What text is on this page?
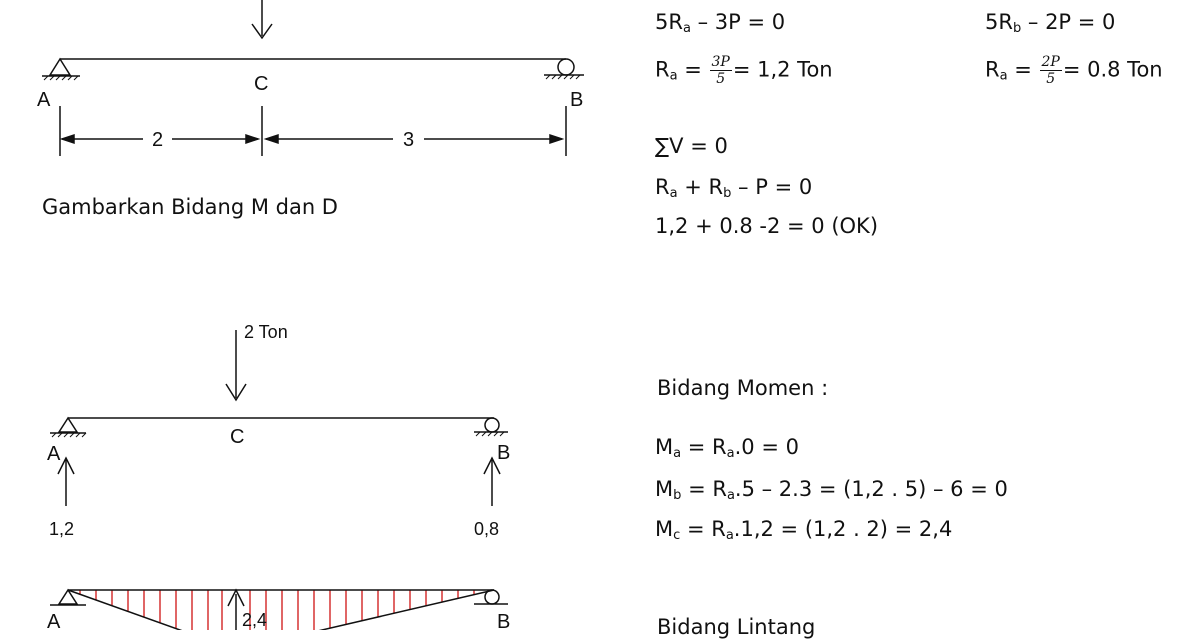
A
C
B
2	3
2 Ton
A
C
B
1,2	0,8
A	B
2,4
$5R_a - 3P = 0$	$5R_b - 2P = 0$
$R_a = \frac{3P}{5} = 1,2$ Ton	$R_a = \frac{2P}{5} = 0.8$ Ton
∑V = 0
$R_a + R_b - P = 0$
1,2 + 0.8 -2 = 0 (OK)
Gambarkan Bidang M dan D
Bidang Momen :
$M_a = R_a.0 = 0$
$M_b = R_a.5 - 2.3 = (1,2$ . 5) – 6 = 0
$M_c = R_a.1,2 = (1,2$ . 2) = 2,4
Bidang Lintang
